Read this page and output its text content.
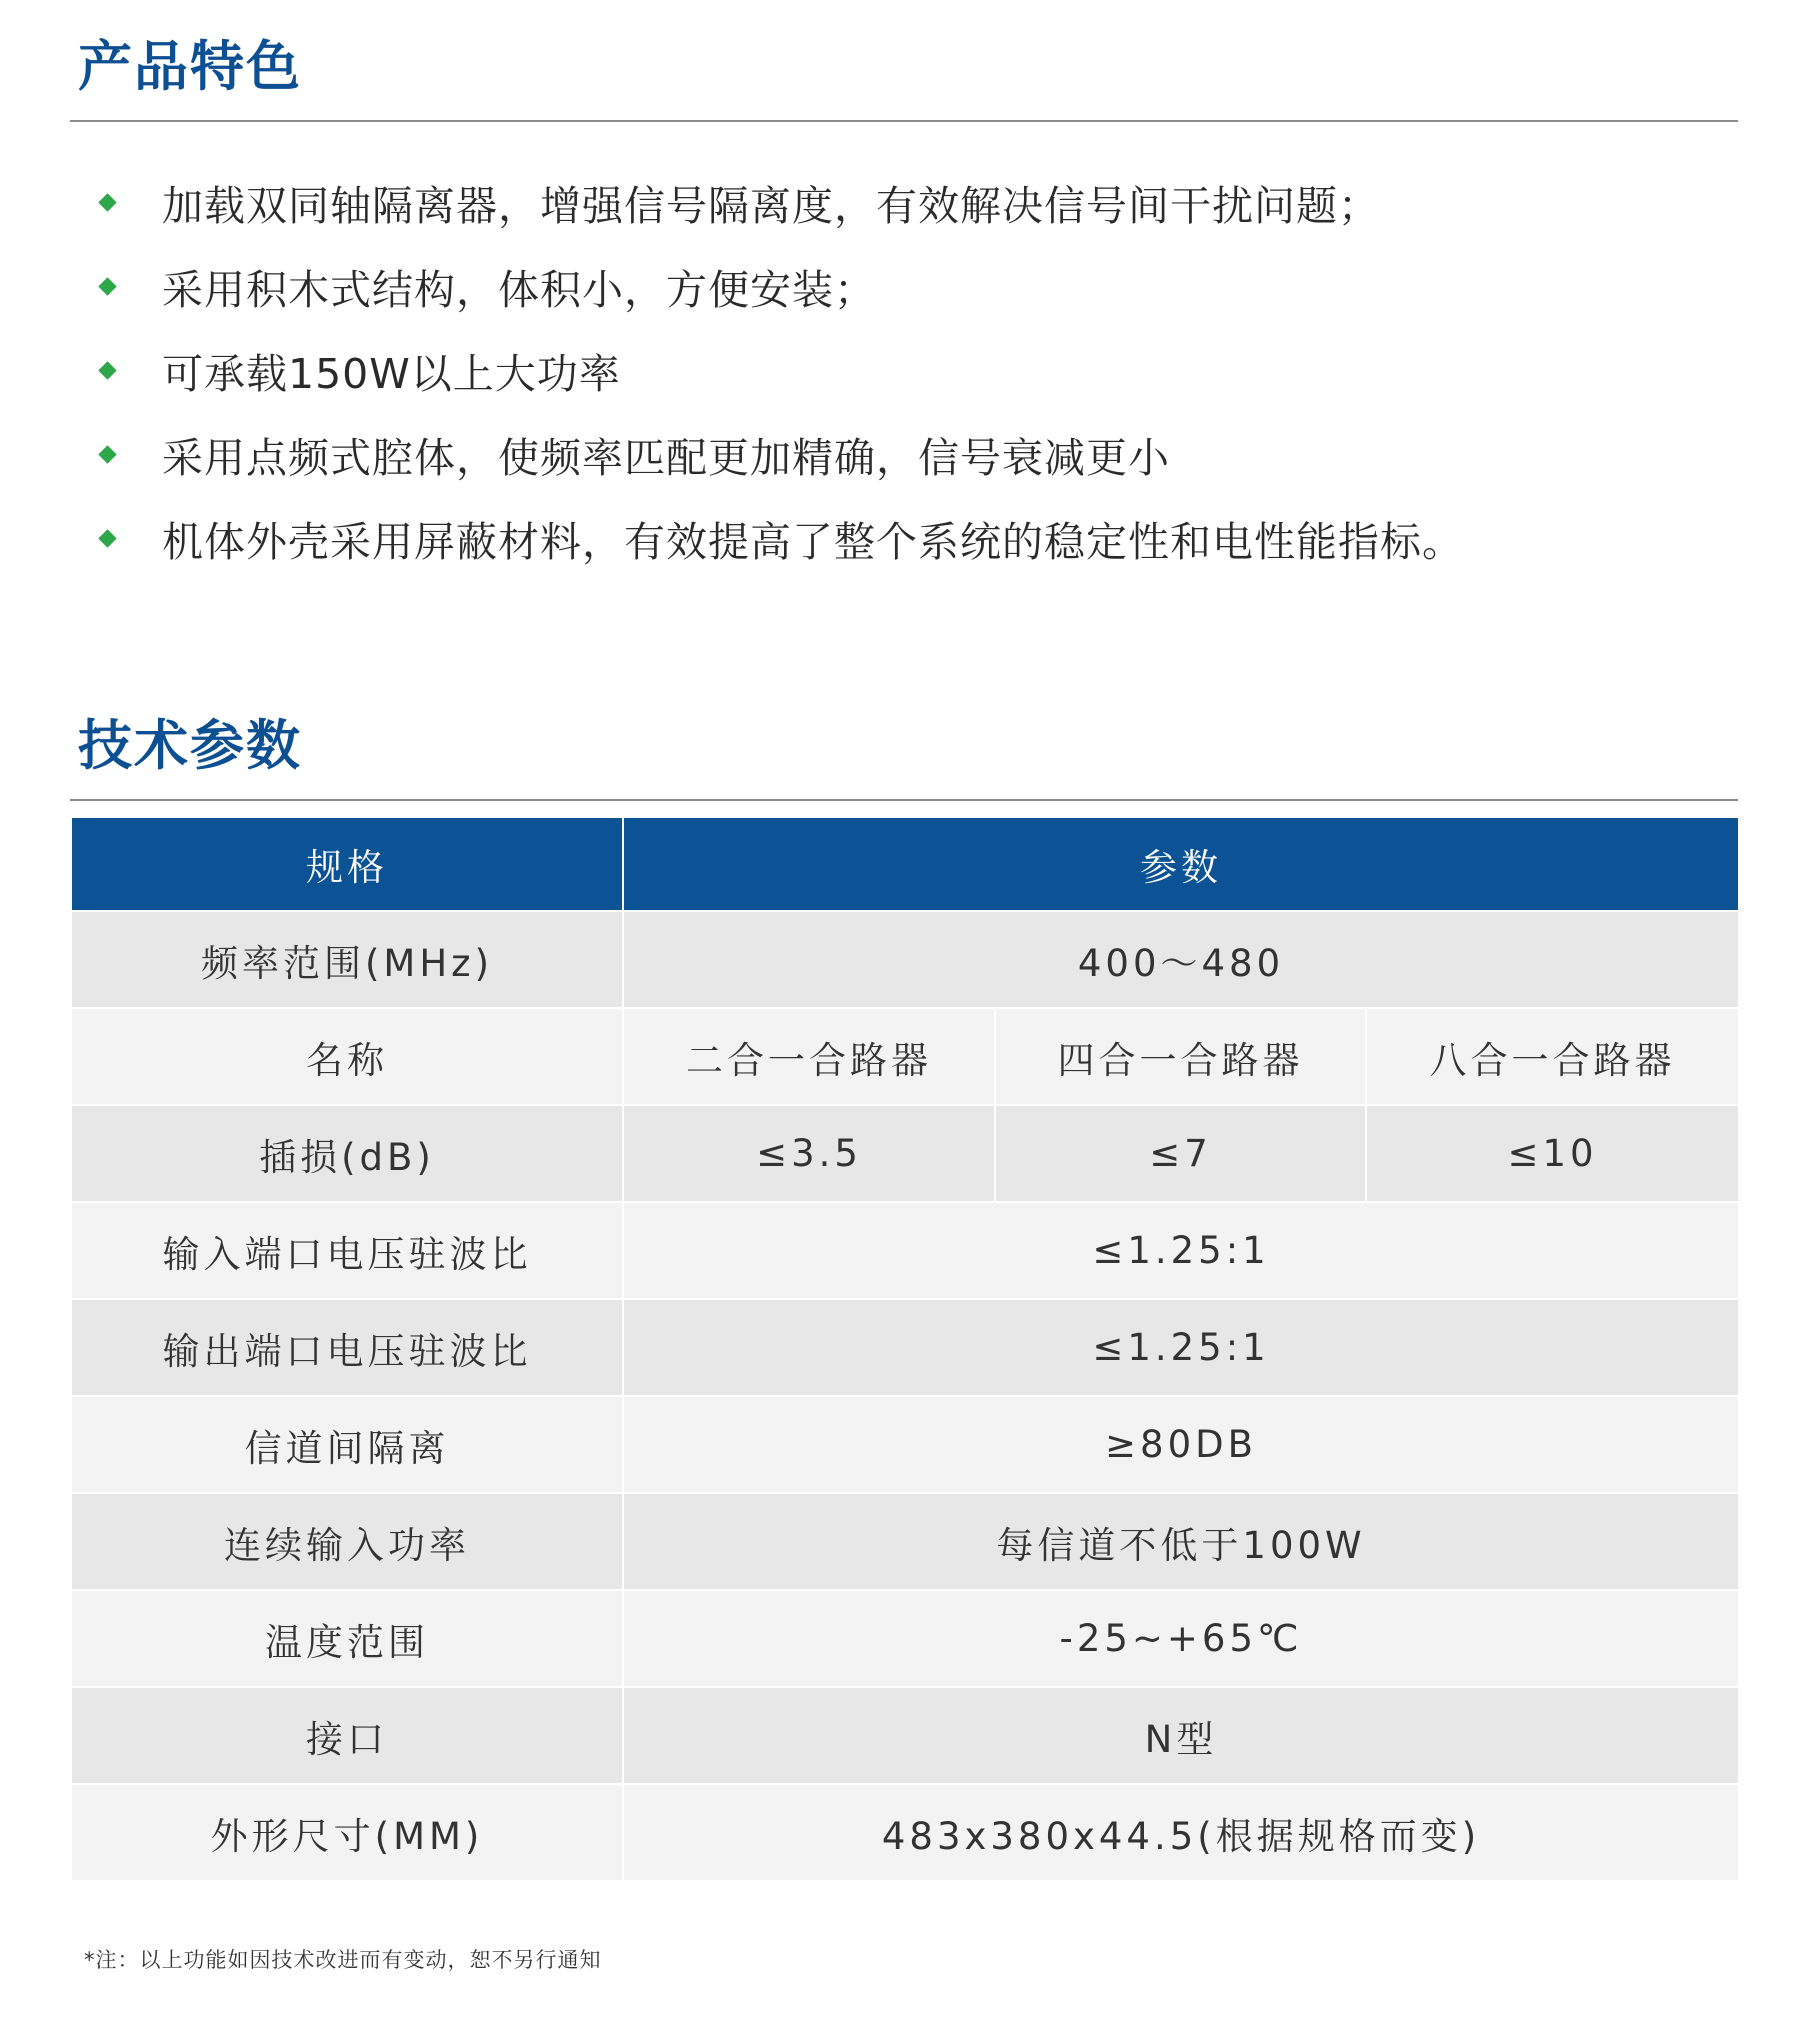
产品特色
加载双同轴隔离器，增强信号隔离度，有效解决信号间干扰问题；
采用积木式结构，体积小，方便安装；
可承载150W以上大功率
采用点频式腔体，使频率匹配更加精确，信号衰减更小
机体外壳采用屏蔽材料，有效提高了整个系统的稳定性和电性能指标。
技术参数
规格	参数		
频率范围(MHz)	400～480		
名称	二合一合路器	四合一合路器	八合一合路器
插损(dB)	≤3.5	≤7	≤10
输入端口电压驻波比	≤1.25:1		
输出端口电压驻波比	≤1.25:1		
信道间隔离	≥80DB		
连续输入功率	每信道不低于100W		
温度范围	-25~+65℃		
接口	N型		
外形尺寸(MM)	483x380x44.5(根据规格而变)		
*注：以上功能如因技术改进而有变动，恕不另行通知
